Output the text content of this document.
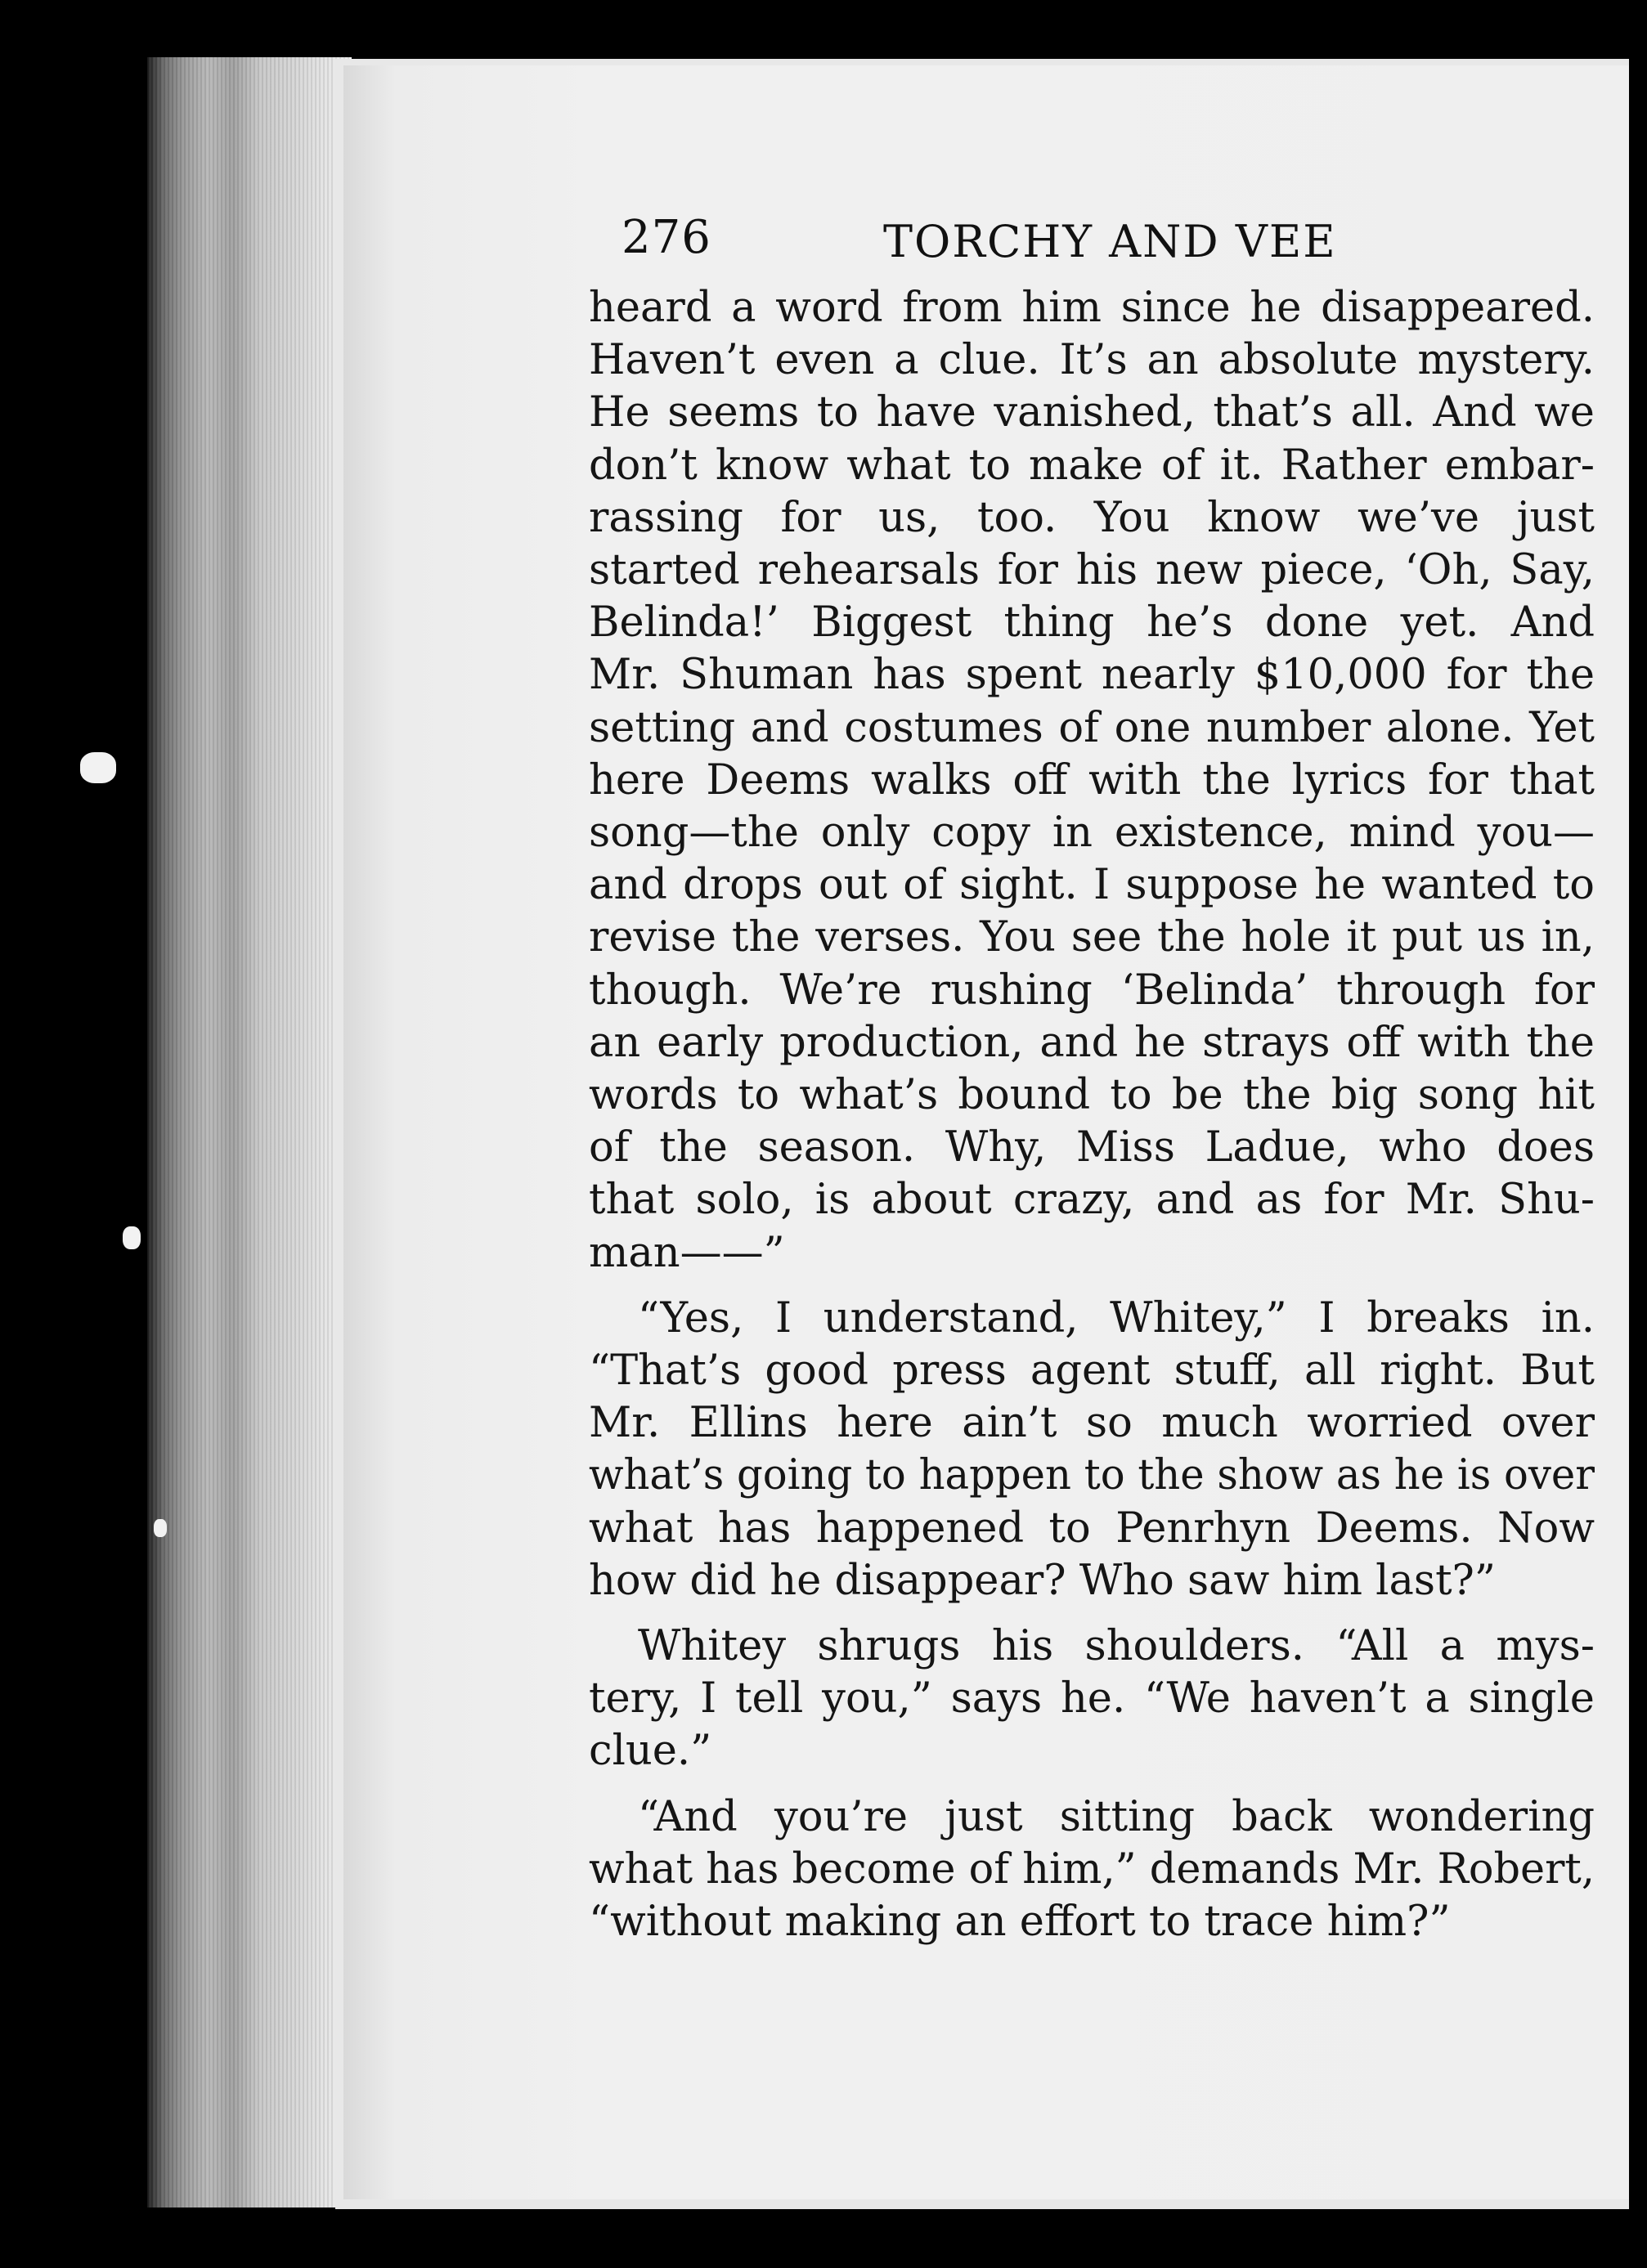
276	TORCHY AND VEE
heard a word from him since he disappeared.
Haven’t even a clue. It’s an absolute mystery.
He seems to have vanished, that’s all. And we
don’t know what to make of it. Rather embar-
rassing for us, too. You know we’ve just
started rehearsals for his new piece, ‘Oh, Say,
Belinda!’ Biggest thing he’s done yet. And
Mr. Shuman has spent nearly $10,000 for the
setting and costumes of one number alone. Yet
here Deems walks off with the lyrics for that
song—the only copy in existence, mind you—
and drops out of sight. I suppose he wanted to
revise the verses. You see the hole it put us in,
though. We’re rushing ‘Belinda’ through for
an early production, and he strays off with the
words to what’s bound to be the big song hit
of the season. Why, Miss Ladue, who does
that solo, is about crazy, and as for Mr. Shu-
man——”
“Yes, I understand, Whitey,” I breaks in.
“That’s good press agent stuff, all right. But
Mr. Ellins here ain’t so much worried over
what’s going to happen to the show as he is over
what has happened to Penrhyn Deems. Now
how did he disappear? Who saw him last?”
Whitey shrugs his shoulders. “All a mys-
tery, I tell you,” says he. “We haven’t a single
clue.”
“And you’re just sitting back wondering
what has become of him,” demands Mr. Robert,
“without making an effort to trace him?”
